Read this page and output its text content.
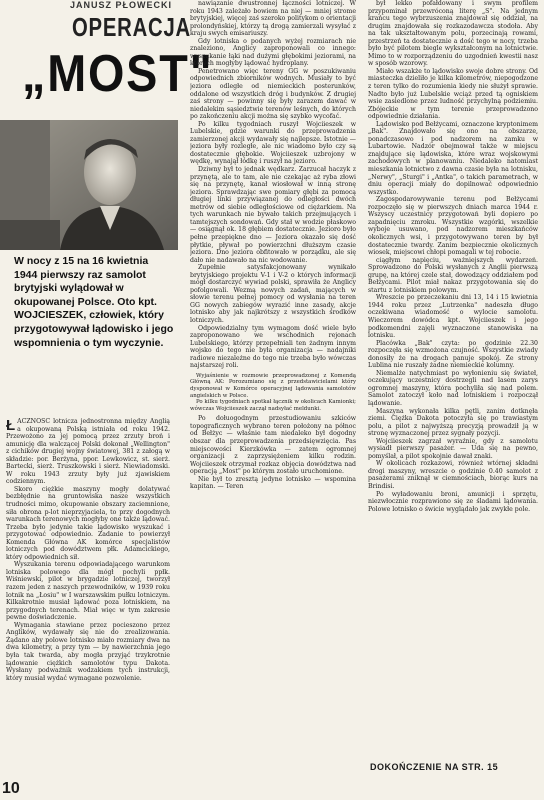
JANUSZ PŁOWECKI
OPERACJA
„MOST"
W nocy z 15 na 16 kwietnia 1944 pierwszy raz samolot brytyjski wylądował w okupowanej Polsce. Oto kpt. WOJCIESZEK, człowiek, który przygotowywał lądowisko i jego wspomnienia o tym wyczynie.

ŁACZNOŚĆ lotnicza jednostronna między Anglią a okupowaną Polską istniała od roku 1942. Przewożono za jej pomocą przez zrzuty broń i amunicję dla walczącej Polski dokonał „Wellington" z cichików drugiej wojny światowej, 381 z załogą w składzie: por. Berżyna, ppor. Lewkowicz, st. sierż. Bartecki, sierż. Truszkowski i sierż. Niewiadomski. W roku 1943 zrzuty były już zjawiskiem codziennym.

Skoro ciężkie maszyny mogły dolatywać bezbłędnie na gruntowiska nasze wszystkich trudności mimo, okupowanie obszary zaciemnione, siła obrona p-lot nieprzyjaciela, to przy dogodnych warunkach terenowych mogłyby one także lądować. Trzeba było jedynie takie lądowisko wyszukać i przygotować odpowiednio. Zadanie to powierzył Komenda Główna AK komórce specjalistów lotniczych pod dowództwem płk. Adamcickiego, który odpowiednich sił.

Wyszukania terenu odpowiadającego warunkom lotniska polowego dla mógł pochyli ppłk. Wiśniewski, pilot w brygadzie lotniczej, tworzył razem jeden z naszych przewodników, w 1939 roku lotnik na „Łosiu" w I warszawskim pułku lotniczym. Kilkakrotnie musiał lądować poza lotniskiem, na przygodnych terenach. Miał więc w tym zakresie pewne doświadczenie.

Wymagania stawiane przez pocieszono przez Anglików, wydawały się nie do zrealizowania. Żądano aby polowe lotnisko miało rozmiary dwa na dwa kilometry, a przy tym — by nawierzchnia jego była tak twarda, aby mogła przyjąć trzykrotnie lądowanie ciężkich samolotów typu Dakota. Wysłany podwaźnik wodzakiem tych instrukcji, który musiał wydać wymagane pozwolenie.

nawiązanie dwustronnej łączności lotniczej. W roku 1943 zależało bowiem na niej — mniej strome brytyjskiej, więcej zaś szeroko politykom o orientacji prolondyńskiej, którzy tą drogą zamierzali wysyłać z kraju swych emisariuszy.

Gdy lotniska o podanych wyżej rozmiarach nie znaleziono, Anglicy zaproponowali co innego: wyszukanie łąki nad dużymi głębokimi jeziorami, na których mogłyby lądować hydroplany.

Penetrowano więc tereny GG w poszukiwaniu odpowiednich zbiorników wodnych. Musiały to być jeziora odległe od niemieckich posterunków, oddalone od wszystkich dróg i budynków. Z drugiej zaś strony — powinny się były zarazem dawać w niedalekim sąsiedztwie terenów leśnych, do których po zakończeniu akcji można się szybko wycofać.

Po kilku tygodniach ruszył Wojciieszek w Lubelskie, gdzie warunki do przeprowadzenia zamierzonej akcji wydawały się najlepsze. Istotnie — jeziora były rozległe, ale nic wiadomo było czy są dostatecznie głębokie. Wojciieszek uzbrojony w wędkę, wynajął łódkę i ruszył na jezioro.

Dziwny był to jednak wędkarz. Zarzucał haczyk z przynętą, ale to tam, ale nie czekając aż ryba złowi się na przynętę, kanał wiosłował w inną stronę jeziora. Sprawdzając swe pomiary głębi za pomocą długiej linki przywiązanej do odległości dwóch metrów od siebie odległościowe od ciężarkiem. Na tych warunkach nie bywało takich przejmujących i tamtejszych sondowań. Gdy stał w wodzie płaskowo — osiągnął ok. 18 głębiem dostatecznie. Jezioro było pełne przepiękne dno — Jeziora okazało się dość płytkie, pływał po powierzchni dłuższym czasie jeziora. Dno jeziora obfitowało w porządku, ale się dało nie nadawało na nic wodowanie.

Zupełnie satysfakcjonowany wynikało brytyjskiego projektu V-1 i V-2 o których informacji mógł dostarczyć wywiad polski, sprawiła że Anglicy pofolgowali. Wezmą nowych zadań, mających w słowie terenu pełnej pomocy od wysłania na teren GG nowych zabiegów wyrazić inne zasady, akcje lotnisko aby jak najkrótszy z wszystkich środków lotniczych.

Odpowiedzialny tym wymagom dość wiele było zaproponowano we wschodnich rejonach Lubelskiego, którzy przepełniali ten żadnym innym wojsko do tego nie była organizacja — nadajniki radiowe niezależne do tego nie trzeba było wówczas najstarszej roli.

Wyjaśnienie w rozmowie przeprowadzonej z Komendą Główną AK: Porozumiano się z przedstawicielami który dysponował w Komórce operacyjnej lądowania samolotów angielskich w Polsce.

Po kilku tygodniach spotkał łącznik w okolicach Kamionki; wówczas Wojciieszek zaczął nadsyłać meldunki.

Po dołuogodnym przestudiowaniu szkiców topograficznych wybrano teren położony na północ od Bełżyc — właśnie tam niedaleko był dogodny obszar dla przeprowadzenia przedsięwzięcia. Pas miejscowości Kierzkówka — zatem ogromnej organizacji z zaprzysiężeniem kilku rodzin. Wojciieszek otrzymał rozkaz objęcia dowództwa nad operacją „Most" po którym zostało uruchomione.

Nie był to zresztą jedyne lotnisko — wspomina kapitan. — Teren

był lekko pofałdowany i swym profilem przypominał przewróconą literę „S". Na jednym krańcu tego wybrzuszenia znajdował się oddział, na drugim znajdowała się rozkazodawcza stodoła. Aby na tak ukształtowanym polu, porzecinają rowami, przestrzeń ta dostatecznie a dość tego w nocy, trzeba było być pilotem biegle wykształconym na lotnictwie. Mimo to w rozporządzeniu do uzgodnień kwestii nasz w sposób wzorowy.

Miało wszakże to lądowisko swoje dobre strony. Od miasteczka dzieliło je kilka kilometrów, niepogodzone z teren tylko do rozumienia kiedy nie służył sprawie. Nadto było już Lubelskie wciąż przed tą ogniskiem wsie zasiedlone przez ludność przychylną podziemiu. Zbójeckie w tym terenie przeprowadzono odpowiednie działania.

Lądowisko pod Bełżycami, oznaczone kryptonimem „Bak". Znajdowało się ono na obszarze, ponadczasowo i pod nadzorem na zamku w Lubartowie. Nadzór obejmował także w miejscu znajdujące się lądowiska, które wraz wojskowymi zachodowych w planowaniu. Niedaleko natomiast mieszkania lotnictwo z dawna czasie była na lotnisku, „Nerwy", „Sturgi" i „Antka", o takich parametrach, w dniu operacji miały do dopilnować odpowiednio wszystko.

Zagospodarowywanie terenu pod Bełżycami rozpoczęło się w pierwszych dniach marca 1944 r. Wszyscy uczestnicy przygotowań byli dopiero po zapadnięciu zmroku. Wszystkie wzgórki, wszelkie wyboje usuwano, pod nadzorem mieszkańców okolicznych wsi, i przygotowywano teren by był dostatecznie twardy. Zanim bezpiecznie okolicznych wiosek, miejscowi chłopi pomagali w tej robocie.

ciągłym napięciu, ważniejszych wydarzeń. Sprowadzono do Polski wysłanych z Anglii pierwszą grupę, na której czele stał, dowodzący oddziałem pod Bełżycami. Pilot miał nakaz przygotowania się do startu z lotniskiem polowym.

Wreszcie po przeczekaniu dni 13, 14 i 15 kwietnia 1944 roku przez „Lutrzenka" nadeszła długo oczekiwana wiadomość o wylocie samolotu. Wieczorem dowódca kpt. Wojciieszek i jego podkomendni zajęli wyznaczone stanowiska na lotnisku.

Placówka „Bak" czyta: po godzinie 22.30 rozpoczęła się wzmożona czujność. Wszystkie zwiady donosiły że na drogach panuje spokój. Ze strony Lublina nie ruszały żadne niemieckie kolumny.

Niemalże natychmiast po wyłonieniu się świateł, oczekujący uczestnicy dostrzegli nad lasem zarys ogromnej maszyny, która pochyliła się nad polem. Samolot zatoczył koło nad lotniskiem i rozpoczął lądowanie.

Maszyna wykonała kilka pętli, zanim dotknęła ziemi. Ciężka Dakota potoczyła się po trawiastym polu, a pilot z najwyższą precyzją prowadził ją w stronę wyznaczonej przez sygnały pozycji.

Wojciieszek zagrzał wyraźnie, gdy z samolotu wysiadł pierwszy pasażer. — Uda się na pewno, pomyślał, a pilot spokojnie dawał znaki.

W okolicach rozkazowi, również wtórnej składni drogi maszyny, wreszcie o godzinie 0.40 samolot z pasażerami zniknął w ciemnościach, biorąc kurs na Brindisi.

Po wyładowaniu broni, amunicji i sprzętu, niezwłocznie rozprawiono się ze śladami lądowania. Polowe lotnisko o świcie wyglądało jak zwykłe pole.

10
DOKOŃCZENIE NA STR. 15
